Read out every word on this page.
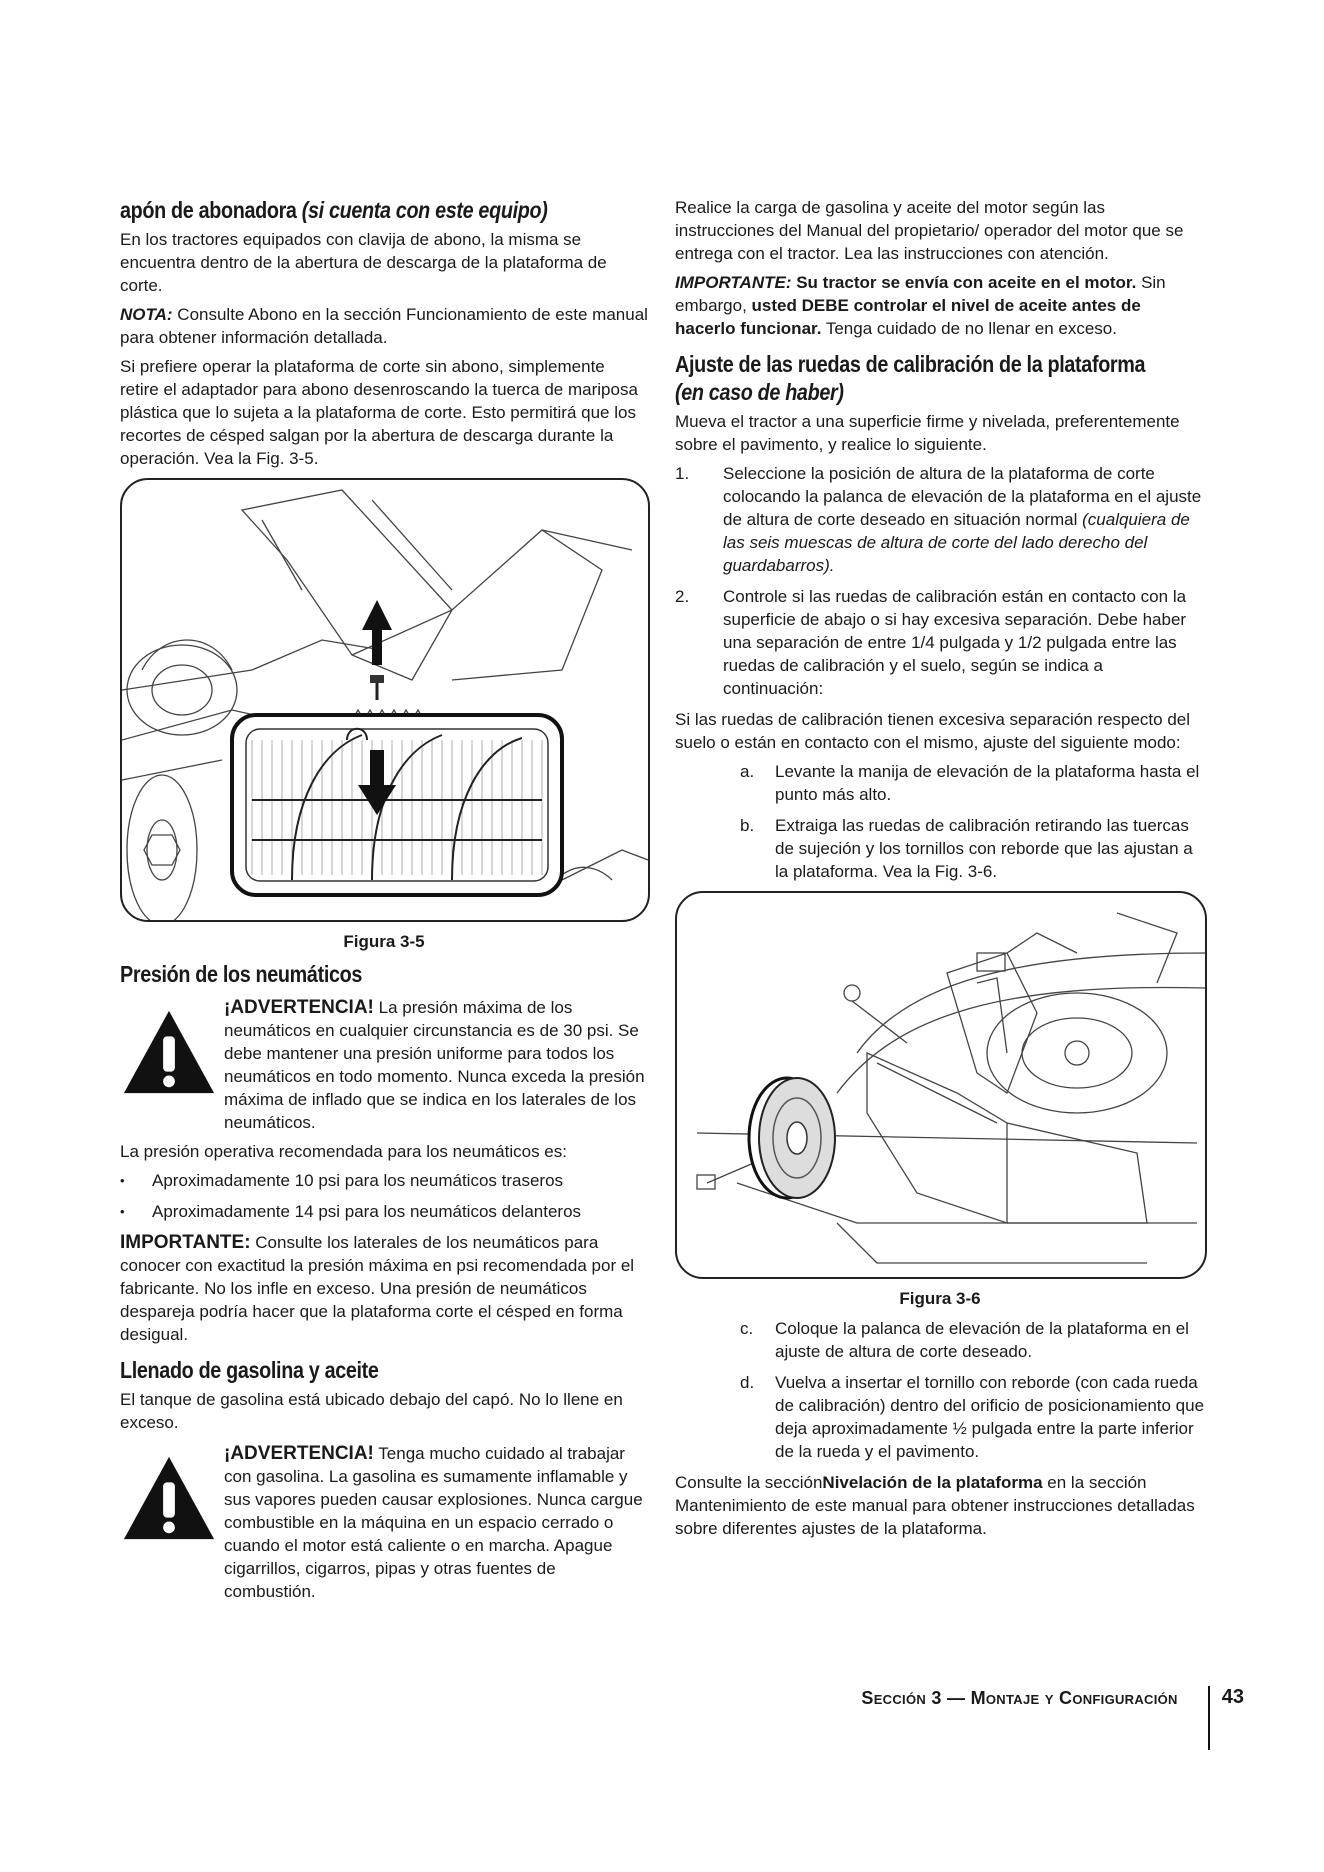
apón de abonadora (si cuenta con este equipo)

En los tractores equipados con clavija de abono, la misma se encuentra dentro de la abertura de descarga de la plataforma de corte.

NOTA: Consulte Abono en la sección Funcionamiento de este manual para obtener información detallada.

Si prefiere operar la plataforma de corte sin abono, simplemente retire el adaptador para abono desenroscando la tuerca de mariposa plástica que lo sujeta a la plataforma de corte. Esto permitirá que los recortes de césped salgan por la abertura de descarga durante la operación. Vea la Fig. 3-5.

Figura 3-5
Presión de los neumáticos

¡ADVERTENCIA! La presión máxima de los neumáticos en cualquier circunstancia es de 30 psi. Se debe mantener una presión uniforme para todos los neumáticos en todo momento. Nunca exceda la presión máxima de inflado que se indica en los laterales de los neumáticos.

La presión operativa recomendada para los neumáticos es:

• Aproximadamente 10 psi para los neumáticos traseros
• Aproximadamente 14 psi para los neumáticos delanteros

IMPORTANTE: Consulte los laterales de los neumáticos para conocer con exactitud la presión máxima en psi recomendada por el fabricante. No los infle en exceso. Una presión de neumáticos despareja podría hacer que la plataforma corte el césped en forma desigual.

Llenado de gasolina y aceite

El tanque de gasolina está ubicado debajo del capó. No lo llene en exceso.

¡ADVERTENCIA! Tenga mucho cuidado al trabajar con gasolina. La gasolina es sumamente inflamable y sus vapores pueden causar explosiones. Nunca cargue combustible en la máquina en un espacio cerrado o cuando el motor está caliente o en marcha. Apague cigarrillos, cigarros, pipas y otras fuentes de combustión.

Realice la carga de gasolina y aceite del motor según las instrucciones del Manual del propietario/ operador del motor que se entrega con el tractor. Lea las instrucciones con atención.

IMPORTANTE: Su tractor se envía con aceite en el motor. Sin embargo, usted DEBE controlar el nivel de aceite antes de hacerlo funcionar. Tenga cuidado de no llenar en exceso.

Ajuste de las ruedas de calibración de la plataforma
(en caso de haber)

Mueva el tractor a una superficie firme y nivelada, preferentemente sobre el pavimento, y realice lo siguiente.

1. Seleccione la posición de altura de la plataforma de corte colocando la palanca de elevación de la plataforma en el ajuste de altura de corte deseado en situación normal (cualquiera de las seis muescas de altura de corte del lado derecho del guardabarros).
2. Controle si las ruedas de calibración están en contacto con la superficie de abajo o si hay excesiva separación. Debe haber una separación de entre 1/4 pulgada y 1/2 pulgada entre las ruedas de calibración y el suelo, según se indica a continuación:

Si las ruedas de calibración tienen excesiva separación respecto del suelo o están en contacto con el mismo, ajuste del siguiente modo:

a. Levante la manija de elevación de la plataforma hasta el punto más alto.
b. Extraiga las ruedas de calibración retirando las tuercas de sujeción y los tornillos con reborde que las ajustan a la plataforma. Vea la Fig. 3-6.
Figura 3-6
c. Coloque la palanca de elevación de la plataforma en el ajuste de altura de corte deseado.
d. Vuelva a insertar el tornillo con reborde (con cada rueda de calibración) dentro del orificio de posicionamiento que deja aproximadamente ½ pulgada entre la parte inferior de la rueda y el pavimento.

Consulte la secciónNivelación de la plataforma en la sección Mantenimiento de este manual para obtener instrucciones detalladas sobre diferentes ajustes de la plataforma.

Sección 3 — Montaje y Configuración 43
